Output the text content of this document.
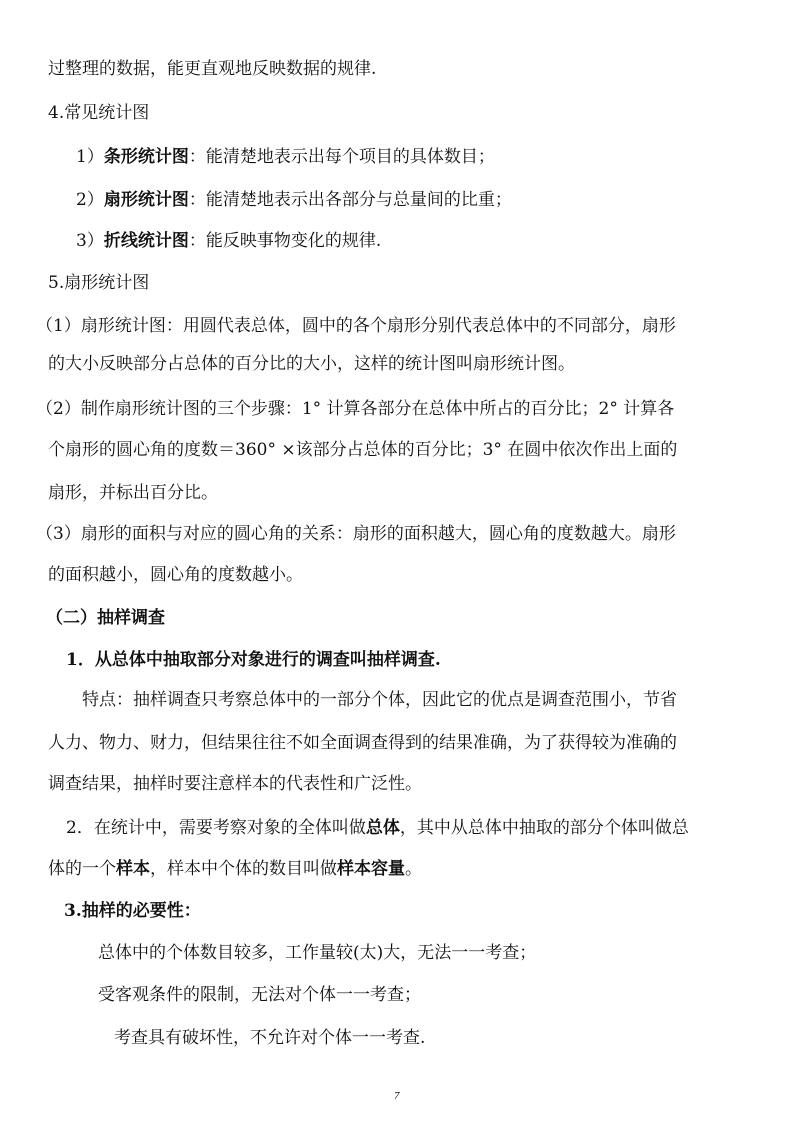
过整理的数据，能更直观地反映数据的规律.
4.常见统计图
1）条形统计图：能清楚地表示出每个项目的具体数目；
2）扇形统计图：能清楚地表示出各部分与总量间的比重；
3）折线统计图：能反映事物变化的规律.
5.扇形统计图
（1）扇形统计图：用圆代表总体，圆中的各个扇形分别代表总体中的不同部分，扇形
的大小反映部分占总体的百分比的大小，这样的统计图叫扇形统计图。
（2）制作扇形统计图的三个步骤：1° 计算各部分在总体中所占的百分比；2° 计算各
个扇形的圆心角的度数＝360° ×该部分占总体的百分比；3° 在圆中依次作出上面的
扇形，并标出百分比。
（3）扇形的面积与对应的圆心角的关系：扇形的面积越大，圆心角的度数越大。扇形
的面积越小，圆心角的度数越小。
（二）抽样调查
1．从总体中抽取部分对象进行的调查叫抽样调查.
特点：抽样调查只考察总体中的一部分个体，因此它的优点是调查范围小，节省
人力、物力、财力，但结果往往不如全面调查得到的结果准确，为了获得较为准确的
调查结果，抽样时要注意样本的代表性和广泛性。
2．在统计中，需要考察对象的全体叫做总体，其中从总体中抽取的部分个体叫做总
体的一个样本，样本中个体的数目叫做样本容量。
3.抽样的必要性：
总体中的个体数目较多，工作量较(太)大，无法一一考查；
受客观条件的限制，无法对个体一一考查；
考查具有破坏性，不允许对个体一一考查.
7
